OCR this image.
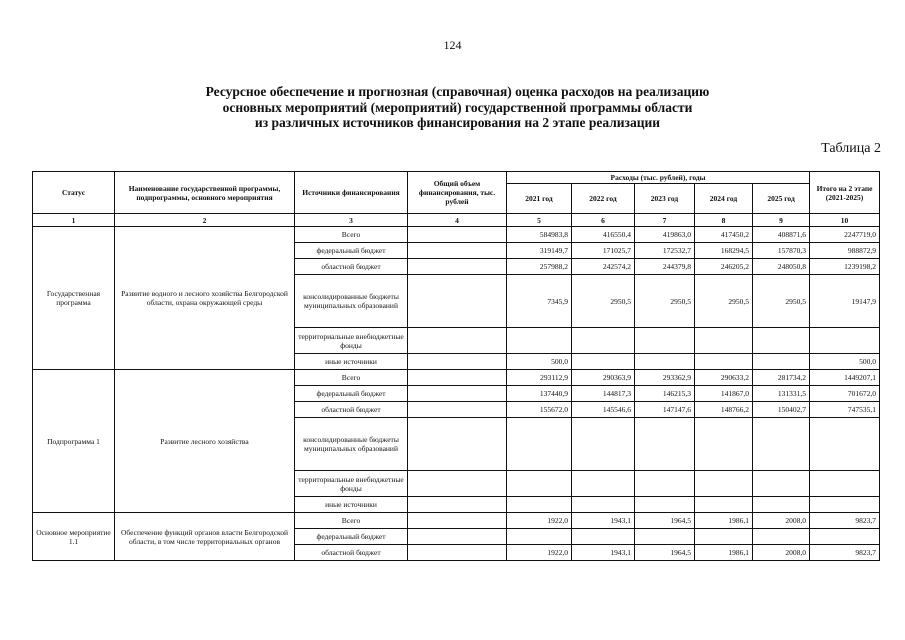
124
Ресурсное обеспечение и прогнозная (справочная) оценка расходов на реализацию
основных мероприятий (мероприятий) государственной программы области
из различных источников финансирования на 2 этапе реализации
Таблица 2
Статус	Наименование государственной программы, подпрограммы, основного мероприятия	Источники финансирования	Общий объем финансирования, тыс. рублей	Расходы (тыс. рублей), годы					Итого на 2 этапе (2021-2025)
				2021 год	2022 год	2023 год	2024 год	2025 год	
1	2	3	4	5	6	7	8	9	10
Государственная программа	Развитие водного и лесного хозяйства Белгородской области, охрана окружающей среды	Всего		584983,8	416550,4	419863,0	417450,2	408871,6	2247719,0
		федеральный бюджет		319149,7	171025,7	172532,7	168294,5	157870,3	988872,9
		областной бюджет		257988,2	242574,2	244379,8	246205,2	248050,8	1239198,2
		консолидированные бюджеты муниципальных образований		7345,9	2950,5	2950,5	2950,5	2950,5	19147,9
		территориальные внебюджетные фонды							
		иные источники		500,0					500,0
Подпрограмма 1	Развитие лесного хозяйства	Всего		293112,9	290363,9	293362,9	290633,2	281734,2	1449207,1
		федеральный бюджет		137440,9	144817,3	146215,3	141867,0	131331,5	701672,0
		областной бюджет		155672,0	145546,6	147147,6	148766,2	150402,7	747535,1
		консолидированные бюджеты муниципальных образований							
		территориальные внебюджетные фонды							
		иные источники							
Основное мероприятие 1.1	Обеспечение функций органов власти Белгородской области, в том числе территориальных органов	Всего		1922,0	1943,1	1964,5	1986,1	2008,0	9823,7
		федеральный бюджет							
		областной бюджет		1922,0	1943,1	1964,5	1986,1	2008,0	9823,7
